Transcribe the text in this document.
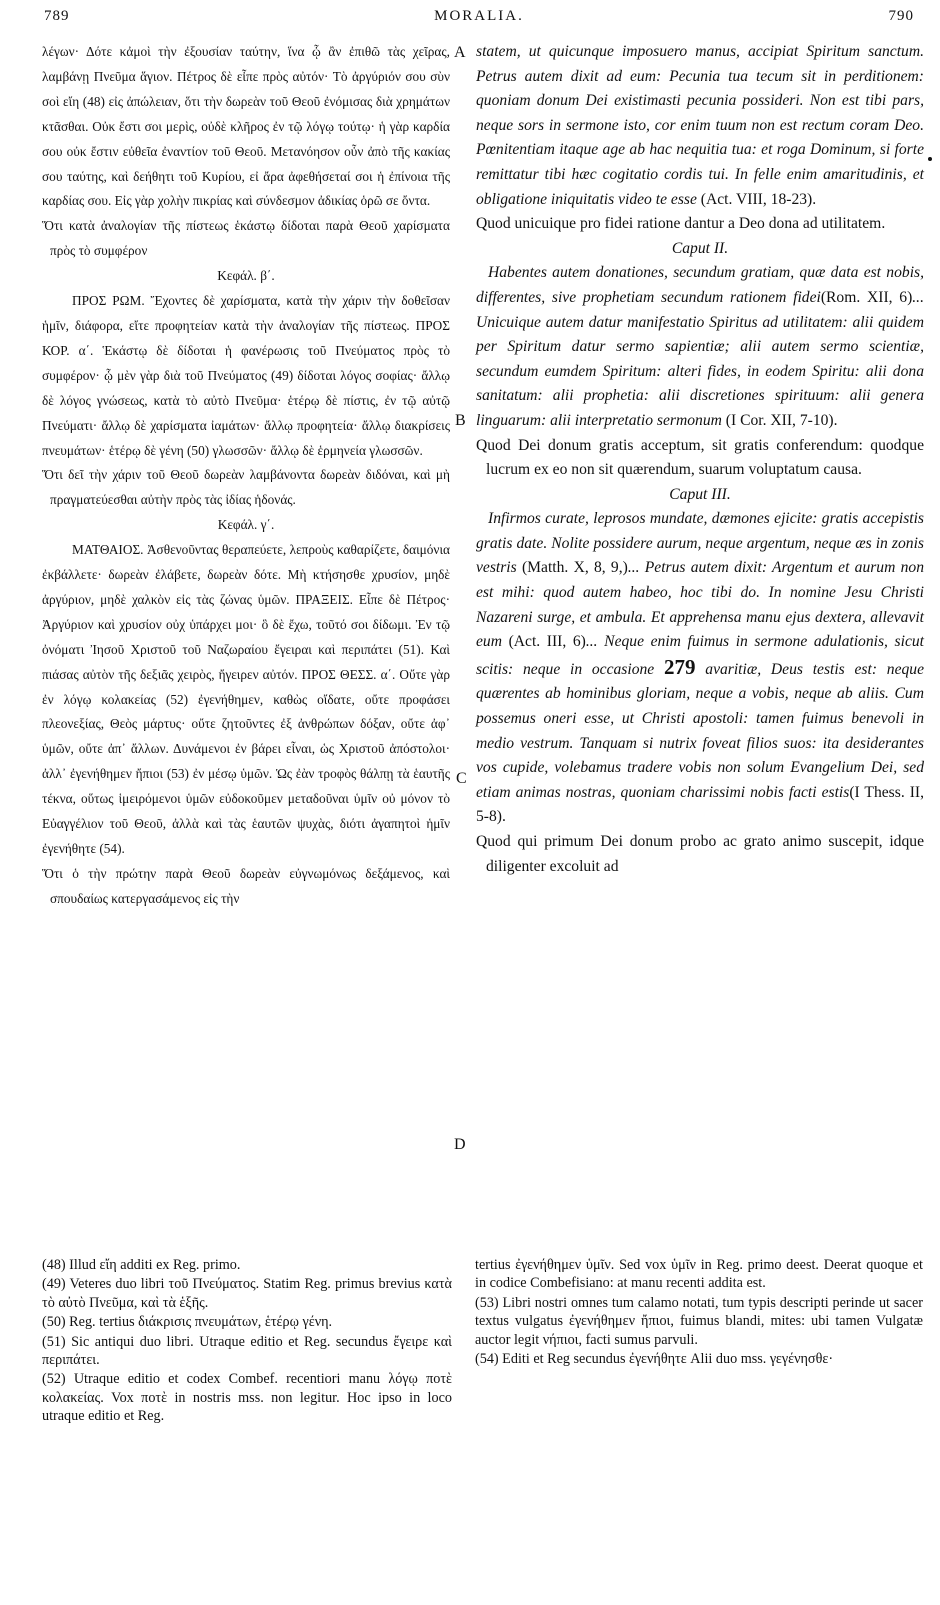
789	MORALIA.	790

λέγων· Δότε κἀμοὶ τὴν ἐξουσίαν ταύτην, ἵνα ᾧ ἂν ἐπιθῶ τὰς χεῖρας, λαμβάνῃ Πνεῦμα ἅγιον. Πέτρος δὲ εἶπε πρὸς αὐτόν· Τὸ ἀργύριόν σου σὺν σοὶ εἴη (48) εἰς ἀπώλειαν, ὅτι τὴν δωρεὰν τοῦ Θεοῦ ἐνόμισας διὰ χρημάτων κτᾶσθαι. Οὐκ ἔστι σοι μερὶς, οὐδὲ κλῆρος ἐν τῷ λόγῳ τούτῳ· ἡ γὰρ καρδία σου οὐκ ἔστιν εὐθεῖα ἐναντίον τοῦ Θεοῦ. Μετανόησον οὖν ἀπὸ τῆς κακίας σου ταύτης, καὶ δεήθητι τοῦ Κυρίου, εἰ ἄρα ἀφεθήσεταί σοι ἡ ἐπίνοια τῆς καρδίας σου. Εἰς γὰρ χολὴν πικρίας καὶ σύνδεσμον ἀδικίας ὁρῶ σε ὄντα.

Ὅτι κατὰ ἀναλογίαν τῆς πίστεως ἑκάστῳ δίδοται παρὰ Θεοῦ χαρίσματα πρὸς τὸ συμφέρον

Κεφάλ. β΄.

ΠΡΟΣ ΡΩΜ. Ἔχοντες δὲ χαρίσματα, κατὰ τὴν χάριν τὴν δοθεῖσαν ἡμῖν, διάφορα, εἴτε προφητείαν κατὰ τὴν ἀναλογίαν τῆς πίστεως. ΠΡΟΣ ΚΟΡ. α΄. Ἑκάστῳ δὲ δίδοται ἡ φανέρωσις τοῦ Πνεύματος πρὸς τὸ συμφέρον· ᾧ μὲν γὰρ διὰ τοῦ Πνεύματος (49) δίδοται λόγος σοφίας· ἄλλῳ δὲ λόγος γνώσεως, κατὰ τὸ αὐτὸ Πνεῦμα· ἑτέρῳ δὲ πίστις, ἐν τῷ αὐτῷ Πνεύματι· ἄλλῳ δὲ χαρίσματα ἰαμάτων· ἄλλῳ προφητεία· ἄλλῳ διακρίσεις πνευμάτων· ἑτέρῳ δὲ γένη (50) γλωσσῶν· ἄλλῳ δὲ ἑρμηνεία γλωσσῶν.

Ὅτι δεῖ τὴν χάριν τοῦ Θεοῦ δωρεὰν λαμβάνοντα δωρεὰν διδόναι, καὶ μὴ πραγματεύεσθαι αὐτὴν πρὸς τὰς ἰδίας ἡδονάς.

Κεφάλ. γ΄.

ΜΑΤΘΑΙΟΣ. Ἀσθενοῦντας θεραπεύετε, λεπροὺς καθαρίζετε, δαιμόνια ἐκβάλλετε· δωρεὰν ἐλάβετε, δωρεὰν δότε. Μὴ κτήσησθε χρυσίον, μηδὲ ἀργύριον, μηδὲ χαλκὸν εἰς τὰς ζώνας ὑμῶν. ΠΡΑΞΕΙΣ. Εἶπε δὲ Πέτρος· Ἀργύριον καὶ χρυσίον οὐχ ὑπάρχει μοι· ὃ δὲ ἔχω, τοῦτό σοι δίδωμι. Ἐν τῷ ὀνόματι Ἰησοῦ Χριστοῦ τοῦ Ναζωραίου ἔγειραι καὶ περιπάτει (51). Καὶ πιάσας αὐτὸν τῆς δεξιᾶς χειρὸς, ἤγειρεν αὐτόν. ΠΡΟΣ ΘΕΣΣ. α΄. Οὔτε γὰρ ἐν λόγῳ κολακείας (52) ἐγενήθημεν, καθὼς οἴδατε, οὔτε προφάσει πλεονεξίας, Θεὸς μάρτυς· οὔτε ζητοῦντες ἐξ ἀνθρώπων δόξαν, οὔτε ἀφ᾽ ὑμῶν, οὔτε ἀπ᾽ ἄλλων. Δυνάμενοι ἐν βάρει εἶναι, ὡς Χριστοῦ ἀπόστολοι· ἀλλ᾽ ἐγενήθημεν ἤπιοι (53) ἐν μέσῳ ὑμῶν. Ὡς ἐὰν τροφὸς θάλπῃ τὰ ἑαυτῆς τέκνα, οὕτως ἱμειρόμενοι ὑμῶν εὐδοκοῦμεν μεταδοῦναι ὑμῖν οὐ μόνον τὸ Εὐαγγέλιον τοῦ Θεοῦ, ἀλλὰ καὶ τὰς ἑαυτῶν ψυχὰς, διότι ἀγαπητοὶ ἡμῖν ἐγενήθητε (54).

Ὅτι ὁ τὴν πρώτην παρὰ Θεοῦ δωρεὰν εὐγνωμόνως δεξάμενος, καὶ σπουδαίως κατεργασάμενος εἰς τὴν

A
B
C
D

statem, ut quicunque imposuero manus, accipiat Spiritum sanctum. Petrus autem dixit ad eum: Pecunia tua tecum sit in perditionem: quoniam donum Dei existimasti pecunia possideri. Non est tibi pars, neque sors in sermone isto, cor enim tuum non est rectum coram Deo. Pœnitentiam itaque age ab hac nequitia tua: et roga Dominum, si forte remittatur tibi hæc cogitatio cordis tui. In felle enim amaritudinis, et obligatione iniquitatis video te esse (Act. VIII, 18-23).

Quod unicuique pro fidei ratione dantur a Deo dona ad utilitatem.

Caput II.

Habentes autem donationes, secundum gratiam, quæ data est nobis, differentes, sive prophetiam secundum rationem fidei(Rom. XII, 6)... Unicuique autem datur manifestatio Spiritus ad utilitatem: alii quidem per Spiritum datur sermo sapientiæ; alii autem sermo scientiæ, secundum eumdem Spiritum: alteri fides, in eodem Spiritu: alii dona sanitatum: alii prophetia: alii discretiones spirituum: alii genera linguarum: alii interpretatio sermonum (I Cor. XII, 7-10).

Quod Dei donum gratis acceptum, sit gratis conferendum: quodque lucrum ex eo non sit quærendum, suarum voluptatum causa.

Caput III.

Infirmos curate, leprosos mundate, dæmones ejicite: gratis accepistis gratis date. Nolite possidere aurum, neque argentum, neque æs in zonis vestris (Matth. X, 8, 9,)... Petrus autem dixit: Argentum et aurum non est mihi: quod autem habeo, hoc tibi do. In nomine Jesu Christi Nazareni surge, et ambula. Et apprehensa manu ejus dextera, allevavit eum (Act. III, 6)... Neque enim fuimus in sermone adulationis, sicut scitis: neque in occasione 279 avaritiæ, Deus testis est: neque quærentes ab hominibus gloriam, neque a vobis, neque ab aliis. Cum possemus oneri esse, ut Christi apostoli: tamen fuimus benevoli in medio vestrum. Tanquam si nutrix foveat filios suos: ita desiderantes vos cupide, volebamus tradere vobis non solum Evangelium Dei, sed etiam animas nostras, quoniam charissimi nobis facti estis(I Thess. II, 5-8).

Quod qui primum Dei donum probo ac grato animo suscepit, idque diligenter excoluit ad

(48) Illud εἴη additi ex Reg. primo.

(49) Veteres duo libri τοῦ Πνεύματος. Statim Reg. primus brevius κατὰ τὸ αὐτὸ Πνεῦμα, καὶ τὰ ἑξῆς.

(50) Reg. tertius διάκρισις πνευμάτων, ἑτέρῳ γένη.

(51) Sic antiqui duo libri. Utraque editio et Reg. secundus ἔγειρε καὶ περιπάτει.

(52) Utraque editio et codex Combef. recentiori manu λόγῳ ποτὲ κολακείας. Vox ποτὲ in nostris mss. non legitur. Hoc ipso in loco utraque editio et Reg.

tertius ἐγενήθημεν ὑμῖν. Sed vox ὑμῖν in Reg. primo deest. Deerat quoque et in codice Combefisiano: at manu recenti addita est.

(53) Libri nostri omnes tum calamo notati, tum typis descripti perinde ut sacer textus vulgatus ἐγενήθημεν ἤπιοι, fuimus blandi, mites: ubi tamen Vulgatæ auctor legit νήπιοι, facti sumus parvuli.

(54) Editi et Reg secundus ἐγενήθητε Alii duo mss. γεγένησθε·
